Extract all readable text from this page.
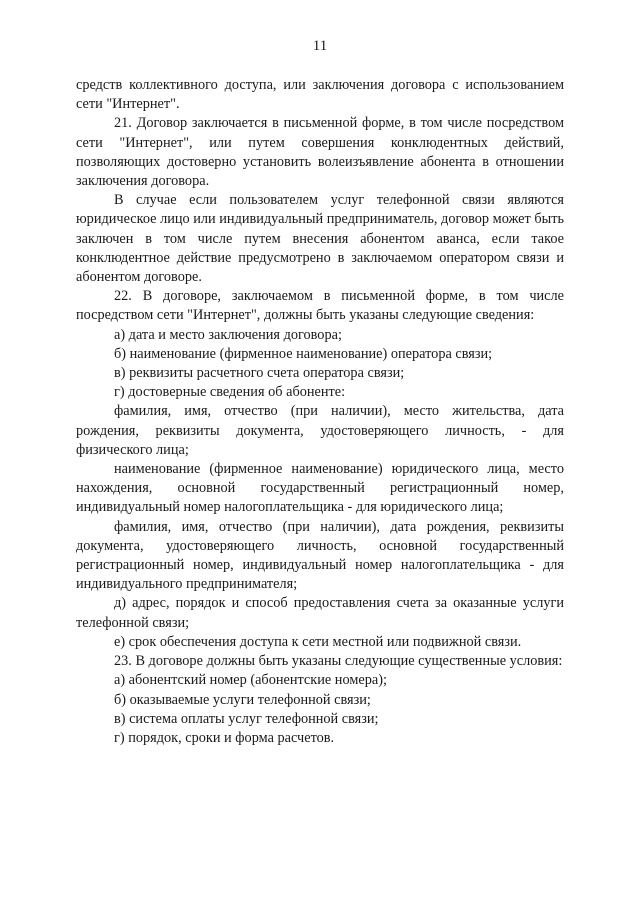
11

средств коллективного доступа, или заключения договора с использованием сети "Интернет".

21. Договор заключается в письменной форме, в том числе посредством сети "Интернет", или путем совершения конклюдентных действий, позволяющих достоверно установить волеизъявление абонента в отношении заключения договора.

В случае если пользователем услуг телефонной связи являются юридическое лицо или индивидуальный предприниматель, договор может быть заключен в том числе путем внесения абонентом аванса, если такое конклюдентное действие предусмотрено в заключаемом оператором связи и абонентом договоре.

22. В договоре, заключаемом в письменной форме, в том числе посредством сети "Интернет", должны быть указаны следующие сведения:

а) дата и место заключения договора;

б) наименование (фирменное наименование) оператора связи;

в) реквизиты расчетного счета оператора связи;

г) достоверные сведения об абоненте:

фамилия, имя, отчество (при наличии), место жительства, дата рождения, реквизиты документа, удостоверяющего личность, - для физического лица;

наименование (фирменное наименование) юридического лица, место нахождения, основной государственный регистрационный номер, индивидуальный номер налогоплательщика - для юридического лица;

фамилия, имя, отчество (при наличии), дата рождения, реквизиты документа, удостоверяющего личность, основной государственный регистрационный номер, индивидуальный номер налогоплательщика - для индивидуального предпринимателя;

д) адрес, порядок и способ предоставления счета за оказанные услуги телефонной связи;

е) срок обеспечения доступа к сети местной или подвижной связи.

23. В договоре должны быть указаны следующие существенные условия:

а) абонентский номер (абонентские номера);

б) оказываемые услуги телефонной связи;

в) система оплаты услуг телефонной связи;

г) порядок, сроки и форма расчетов.
